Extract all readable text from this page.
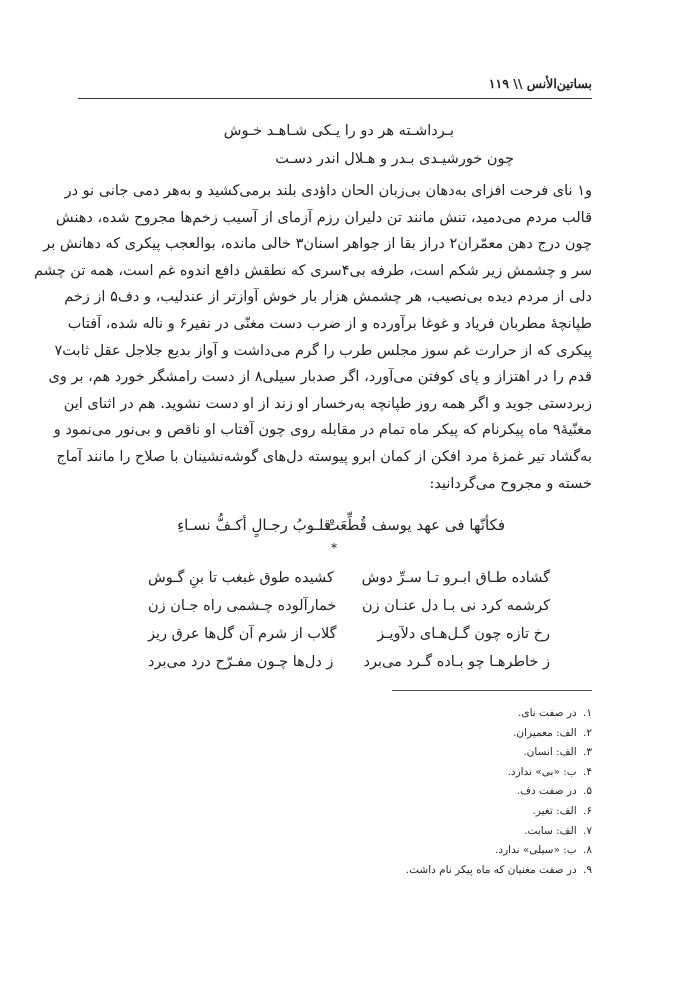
بساتین‌الأنس \\ ۱۱۹
بـرداشـته هر دو را یـکی شـاهـد خـوش
چون خورشیـدی بـدر و هـلال اندر دسـت
و۱ نای فرحت افزای به‌دهان بی‌زبان الحان داؤدی بلند برمی‌کشید و به‌هر دمی جانی نو در
قالب مردم می‌دمید، تنش مانند تن دلیران رزم آزمای از آسیب زخم‌ها مجروح شده، دهنش
چون درج دهن معمّران۲ دراز بقا از جواهر اسنان۳ خالی مانده، بوالعجب پیکری که دهانش بر
سر و چشمش زیر شکم است، طرفه بی۴سری که نطقش دافع اندوه غم است، همه تن چشم
دلی از مردم دیده بی‌نصیب، هر چشمش هزار بار خوش آوازتر از عندلیب، و دف۵ از زخم
طپانچهٔ مطربان فریاد و غوغا برآورده و از ضرب دست مغنّی در نفیر۶ و ناله شده، آفتاب
پیکری که از حرارت غم سوز مجلس طرب را گرم می‌داشت و آواز بدیع جلاجل عقل ثابت۷
قدم را در اهتزاز و پای کوفتن می‌آورد، اگر صدبار سیلی۸ از دست رامشگر خورد هم، بر وی
زبردستی جوید و اگر همه روز طپانچه به‌رخسار او زند از او دست نشوید. هم در اثنای این
مغنّیهٔ۹ ماه پیکرنام که پیکر ماه تمام در مقابله روی چون آفتاب او ناقص و بی‌نور می‌نمود و
به‌گشاد تیر غمزهٔ مرد افکن از کمان ابرو پیوسته دل‌های گوشه‌نشینان با صلاح را مانند آماج
خسته و مجروح می‌گردانید:
فکأنّها فی عهد یوسف قُطِّعَتْ
قلـوبُ رجـالٍ أکـفُّ نسـاءِ
*
گشاده طـاق ابـرو تـا سـرِّ دوش
کشیده طوق غبغب تا بنِ گـوش
کرشمه کرد نی بـا دل عنـان زن
خمارآلوده چـشمی راه جـان زن
رخ تازه چون گـل‌هـای دلآویـز
گلاب از شرم آن گل‌ها عرق ریز
ز خاطرهـا چو بـاده گـرد می‌برد
ز دل‌ها چـون مفـرّح درد می‌برد
۱. در صفت نای.
۲. الف: معمیران.
۳. الف: انسان.
۴. ب: «بی» ندارد.
۵. در صفت دف.
۶. الف: تغیر.
۷. الف: سابت.
۸. ب: «سیلی» ندارد.
۹. در صفت مغنیان که ماه پیکر نام داشت.
